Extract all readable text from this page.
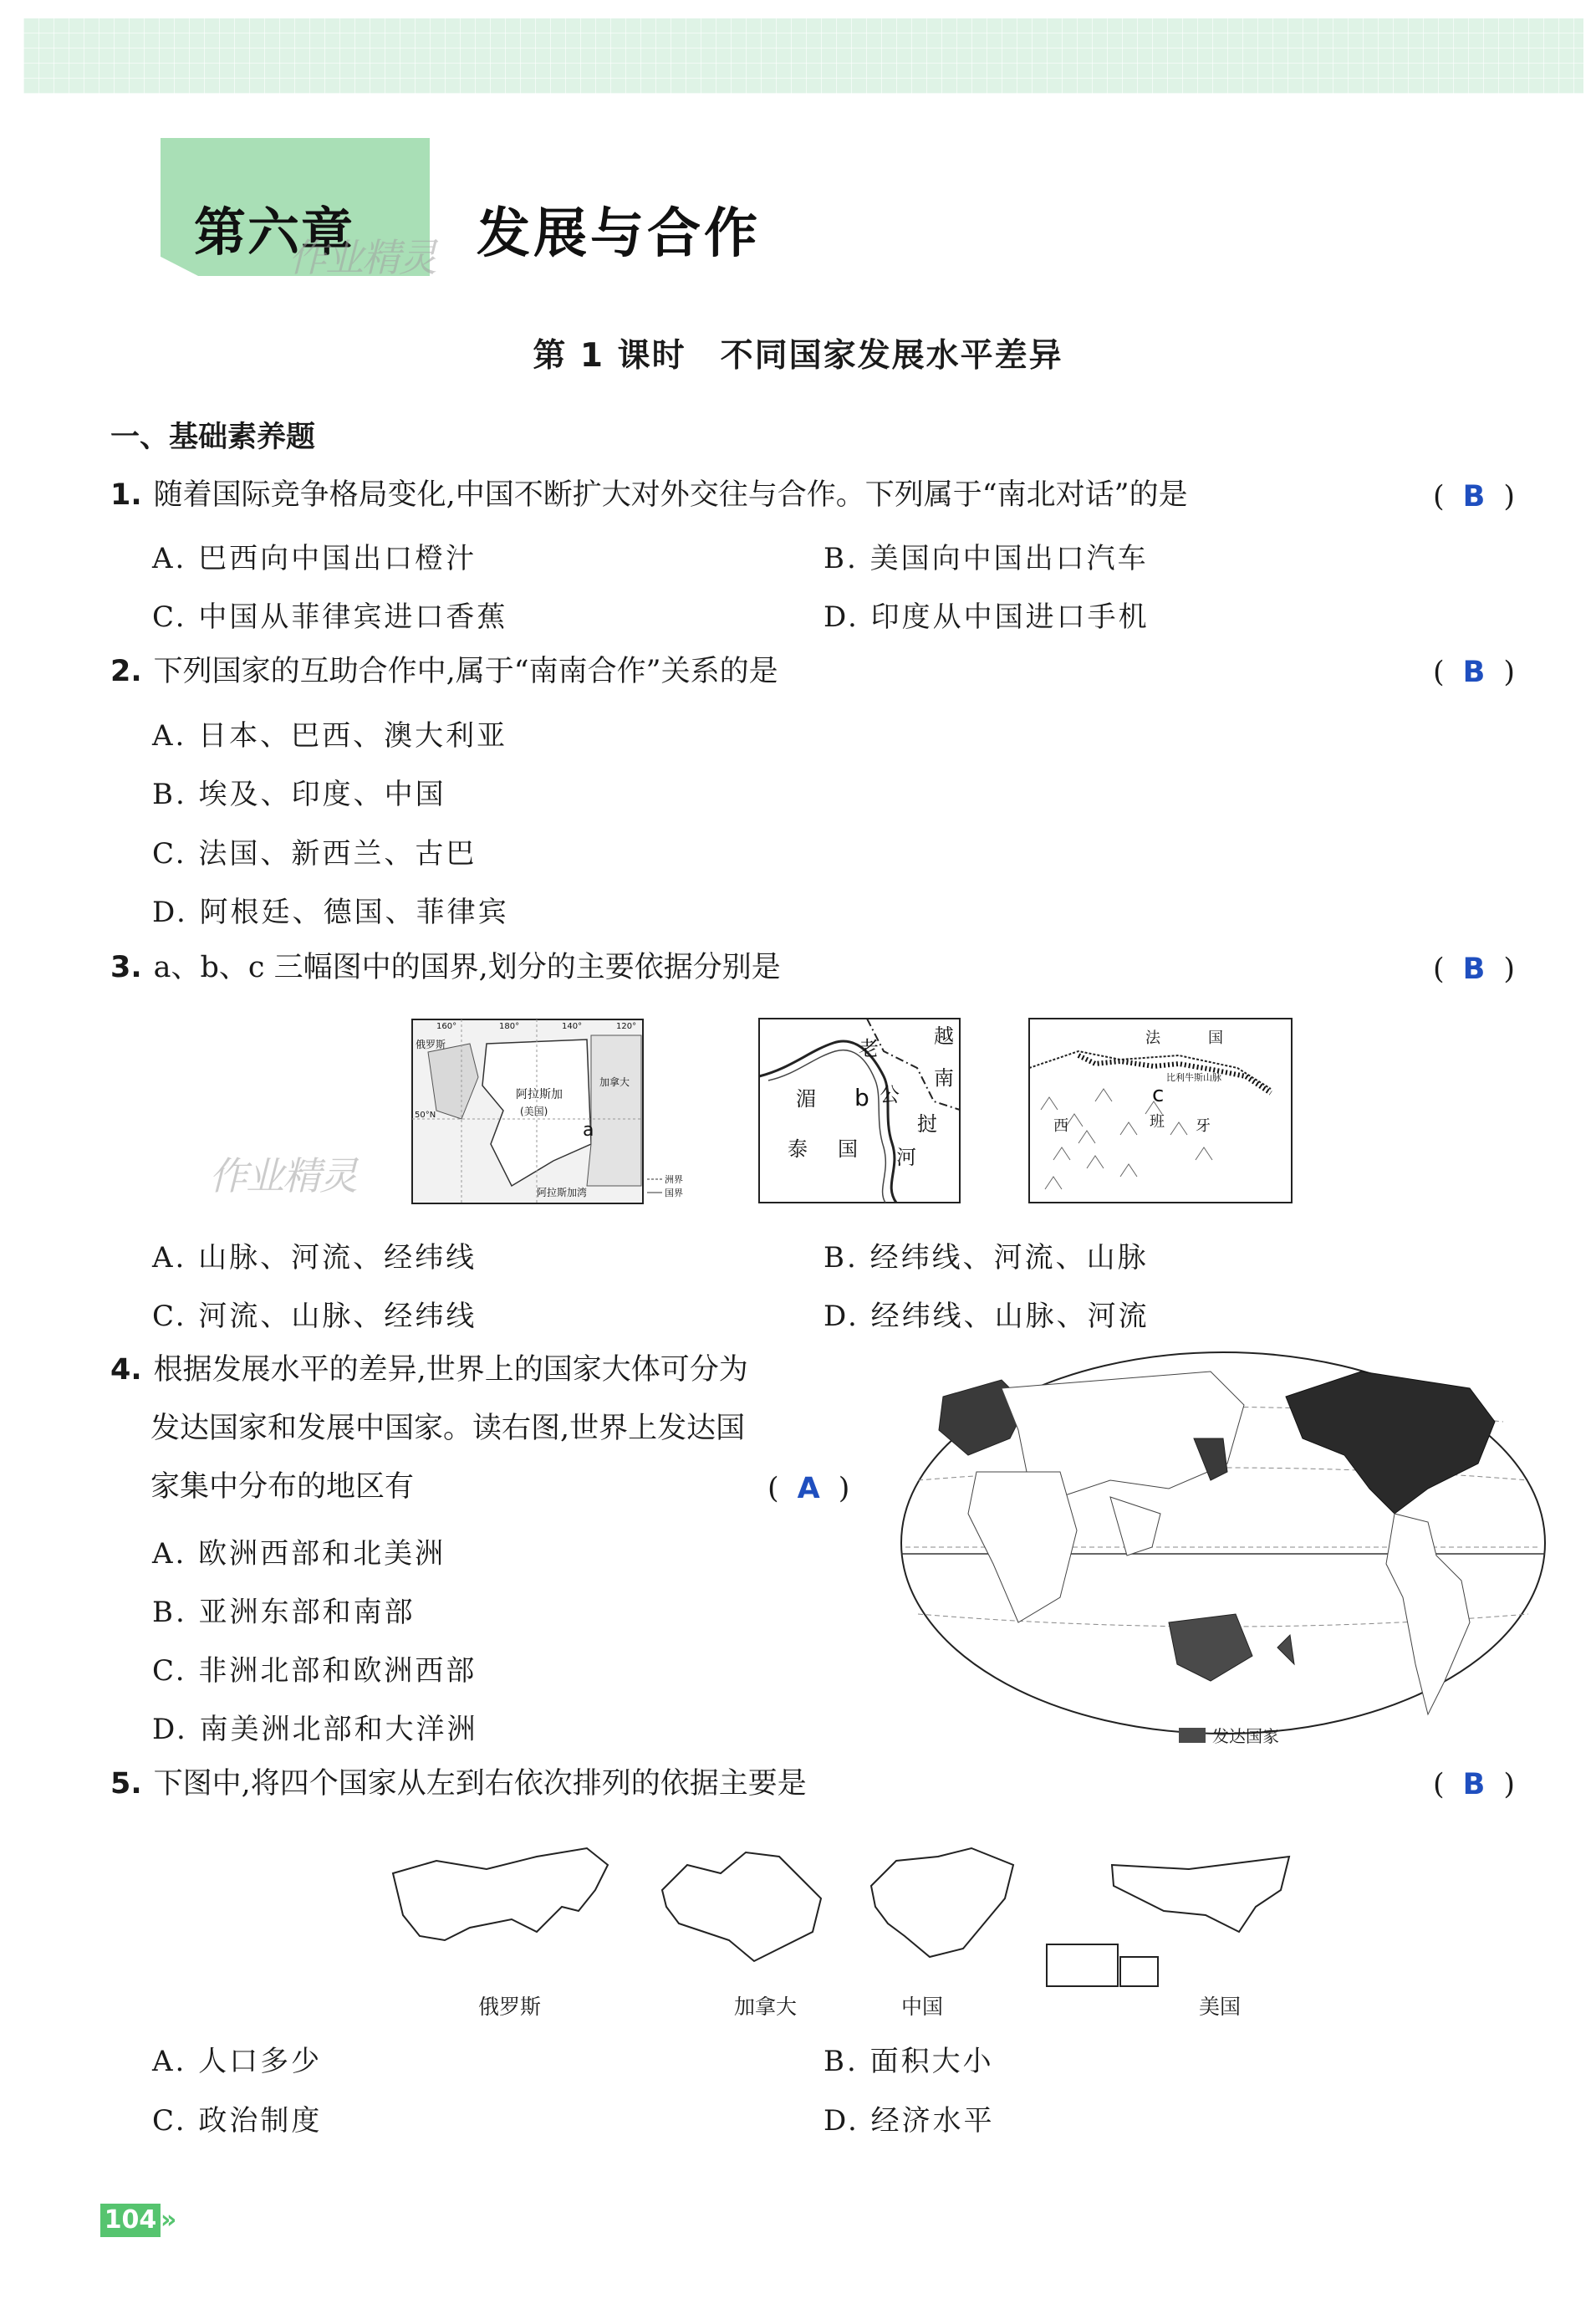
第六章 发展与合作
作业精灵
第 1 课时　不同国家发展水平差异
一、基础素养题
1. 随着国际竞争格局变化,中国不断扩大对外交往与合作。下列属于“南北对话”的是	( B )
A. 巴西向中国出口橙汁	B. 美国向中国出口汽车
C. 中国从菲律宾进口香蕉	D. 印度从中国进口手机
2. 下列国家的互助合作中,属于“南南合作”关系的是	( B )
A. 日本、巴西、澳大利亚
B. 埃及、印度、中国
C. 法国、新西兰、古巴
D. 阿根廷、德国、菲律宾
3. a、b、c 三幅图中的国界,划分的主要依据分别是	( B )
俄罗斯
阿拉斯加
(美国)
加拿大
阿拉斯加湾
a
160°	180°	140°	120°
50°N
洲界
国界
作业精灵
越
南
老
挝
湄	公
河
泰 国
b
法	国
西	班 牙
比利牛斯山脉
c
A. 山脉、河流、经纬线	B. 经纬线、河流、山脉
C. 河流、山脉、经纬线	D. 经纬线、山脉、河流
4. 根据发展水平的差异,世界上的国家大体可分为
发达国家和发展中国家。读右图,世界上发达国
家集中分布的地区有	( A )
A. 欧洲西部和北美洲
B. 亚洲东部和南部
C. 非洲北部和欧洲西部
D. 南美洲北部和大洋洲	发达国家
5. 下图中,将四个国家从左到右依次排列的依据主要是	( B )
俄罗斯	加拿大	中国	美国
A. 人口多少	B. 面积大小
C. 政治制度	D. 经济水平
104 »
